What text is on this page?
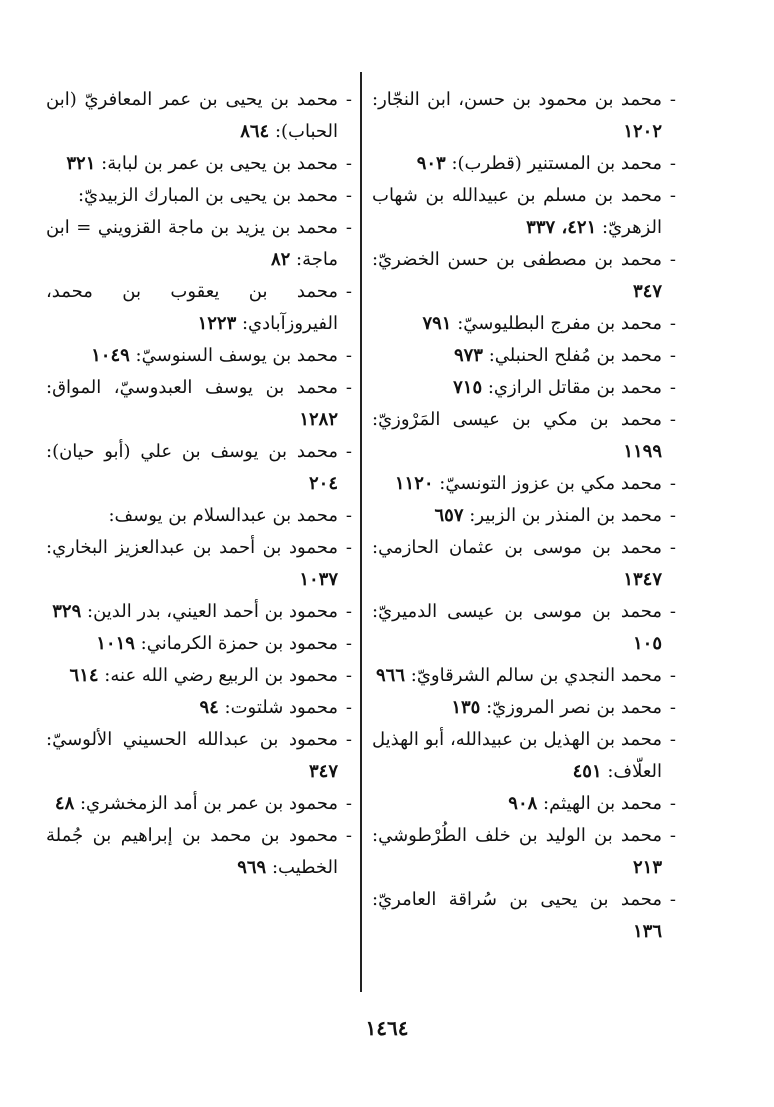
-محمد بن محمود بن حسن، ابن النجّار: ١٢٠٢

-محمد بن المستنير (قطرب): ٩٠٣

-محمد بن مسلم بن عبيدالله بن شهاب الزهريّ: ٤٢١، ٣٣٧

-محمد بن مصطفى بن حسن الخضريّ: ٣٤٧

-محمد بن مفرج البطليوسيّ: ٧٩١

-محمد بن مُفلح الحنبلي: ٩٧٣

-محمد بن مقاتل الرازي: ٧١٥

-محمد بن مكي بن عيسى المَرْوزيّ: ١١٩٩

-محمد مكي بن عزوز التونسيّ: ١١٢٠

-محمد بن المنذر بن الزبير: ٦٥٧

-محمد بن موسى بن عثمان الحازمي: ١٣٤٧

-محمد بن موسى بن عيسى الدميريّ: ١٠٥

-محمد النجدي بن سالم الشرقاويّ: ٩٦٦

-محمد بن نصر المروزيّ: ١٣٥

-محمد بن الهذيل بن عبيدالله، أبو الهذيل العلّاف: ٤٥١

-محمد بن الهيثم: ٩٠٨

-محمد بن الوليد بن خلف الطُرْطوشي: ٢١٣

-محمد بن يحيى بن سُراقة العامريّ: ١٣٦

-محمد بن يحيى بن عمر المعافريّ (ابن الحباب): ٨٦٤

-محمد بن يحيى بن عمر بن لبابة: ٣٢١

-محمد بن يحيى بن المبارك الزبيديّ:

-محمد بن يزيد بن ماجة القزويني = ابن ماجة: ٨٢

-محمد بن يعقوب بن محمد، الفيروزآبادي: ١٢٢٣

-محمد بن يوسف السنوسيّ: ١٠٤٩

-محمد بن يوسف العبدوسيّ، المواق: ١٢٨٢

-محمد بن يوسف بن علي (أبو حيان): ٢٠٤

-محمد بن عبدالسلام بن يوسف:

-محمود بن أحمد بن عبدالعزيز البخاري: ١٠٣٧

-محمود بن أحمد العيني، بدر الدين: ٣٢٩

-محمود بن حمزة الكرماني: ١٠١٩

-محمود بن الربيع رضي الله عنه: ٦١٤

-محمود شلتوت: ٩٤

-محمود بن عبدالله الحسيني الألوسيّ: ٣٤٧

-محمود بن عمر بن أمد الزمخشري: ٤٨

-محمود بن محمد بن إبراهيم بن جُملة الخطيب: ٩٦٩

١٤٦٤
